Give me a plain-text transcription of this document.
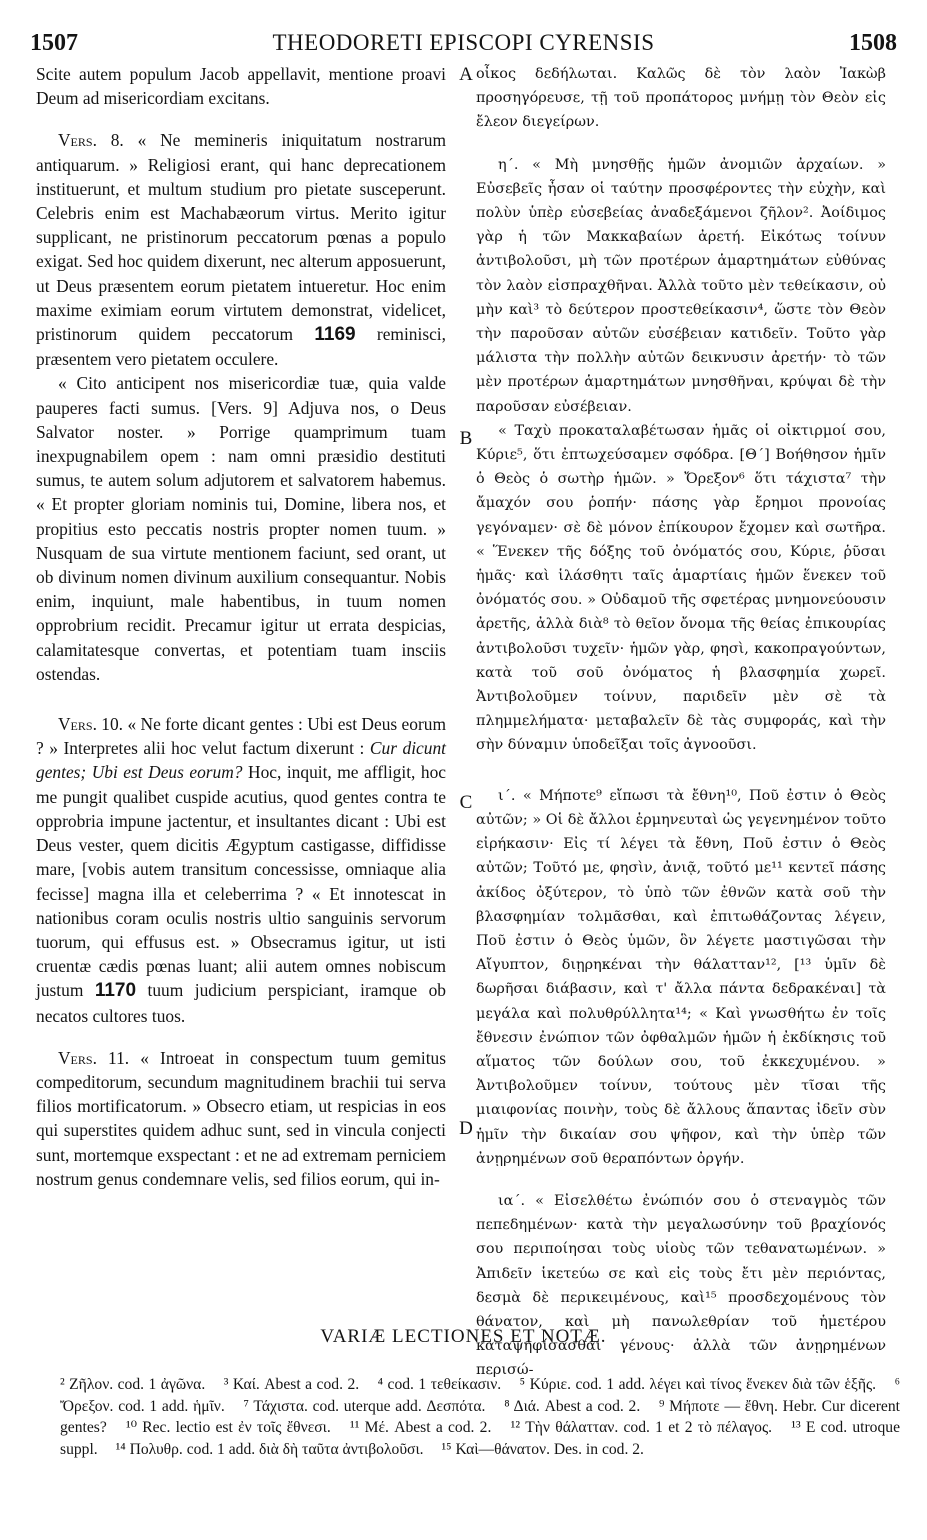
1507	THEODORETI EPISCOPI CYRENSIS	1508

Scite autem populum Jacob appellavit, mentione proavi Deum ad misericordiam excitans.

Vers. 8. « Ne memineris iniquitatum nostrarum antiquarum. » Religiosi erant, qui hanc deprecationem instituerunt, et multum studium pro pietate susceperunt. Celebris enim est Machabæorum virtus. Merito igitur supplicant, ne pristinorum peccatorum pœnas a populo exigat. Sed hoc quidem dixerunt, nec alterum apposuerunt, ut Deus præsentem eorum pietatem intueretur. Hoc enim maxime eximiam eorum virtutem demonstrat, videlicet, pristinorum quidem peccatorum 1169 reminisci, præsentem vero pietatem occulere.

« Cito anticipent nos misericordiæ tuæ, quia valde pauperes facti sumus. [Vers. 9] Adjuva nos, o Deus Salvator noster. » Porrige quamprimum tuam inexpugnabilem opem : nam omni præsidio destituti sumus, te autem solum adjutorem et salvatorem habemus. « Et propter gloriam nominis tui, Domine, libera nos, et propitius esto peccatis nostris propter nomen tuum. » Nusquam de sua virtute mentionem faciunt, sed orant, ut ob divinum nomen divinum auxilium consequantur. Nobis enim, inquiunt, male habentibus, in tuum nomen opprobrium recidit. Precamur igitur ut errata despicias, calamitatesque convertas, et potentiam tuam insciis ostendas.

Vers. 10. « Ne forte dicant gentes : Ubi est Deus eorum ? » Interpretes alii hoc velut factum dixerunt : Cur dicunt gentes; Ubi est Deus eorum? Hoc, inquit, me affligit, hoc me pungit qualibet cuspide acutius, quod gentes contra te opprobria impune jactentur, et insultantes dicant : Ubi est Deus vester, quem dicitis Ægyptum castigasse, diffidisse mare, [vobis autem transitum concessisse, omniaque alia fecisse] magna illa et celeberrima ? « Et innotescat in nationibus coram oculis nostris ultio sanguinis servorum tuorum, qui effusus est. » Obsecramus igitur, ut isti cruentæ cædis pœnas luant; alii autem omnes nobiscum justum 1170 tuum judicium perspiciant, iramque ob necatos cultores tuos.

Vers. 11. « Introeat in conspectum tuum gemitus compeditorum, secundum magnitudinem brachii tui serva filios mortificatorum. » Obsecro etiam, ut respicias in eos qui superstites quidem adhuc sunt, sed in vincula conjecti sunt, mortemque exspectant : et ne ad extremam perniciem nostrum genus condemnare velis, sed filios eorum, qui in-

A
B
C
D

οἶκος δεδήλωται. Καλῶς δὲ τὸν λαὸν Ἰακὼβ προσηγόρευσε, τῇ τοῦ προπάτορος μνήμῃ τὸν Θεὸν εἰς ἔλεον διεγείρων.

η΄. « Μὴ μνησθῇς ἡμῶν ἀνομιῶν ἀρχαίων. » Εὐσεβεῖς ἦσαν οἱ ταύτην προσφέροντες τὴν εὐχὴν, καὶ πολὺν ὑπὲρ εὐσεβείας ἀναδεξάμενοι ζῆλον². Ἀοίδιμος γὰρ ἡ τῶν Μακκαβαίων ἀρετή. Εἰκότως τοίνυν ἀντιβολοῦσι, μὴ τῶν προτέρων ἁμαρτημάτων εὐθύνας τὸν λαὸν εἰσπραχθῆναι. Ἀλλὰ τοῦτο μὲν τεθείκασιν, οὐ μὴν καὶ³ τὸ δεύτερον προστεθείκασιν⁴, ὥστε τὸν Θεὸν τὴν παροῦσαν αὐτῶν εὐσέβειαν κατιδεῖν. Τοῦτο γὰρ μάλιστα τὴν πολλὴν αὐτῶν δεικνυσιν ἀρετήν· τὸ τῶν μὲν προτέρων ἁμαρτημάτων μνησθῆναι, κρύψαι δὲ τὴν παροῦσαν εὐσέβειαν.

« Ταχὺ προκαταλαβέτωσαν ἡμᾶς οἱ οἰκτιρμοί σου, Κύριε⁵, ὅτι ἐπτωχεύσαμεν σφόδρα. [Θ΄] Βοήθησον ἡμῖν ὁ Θεὸς ὁ σωτὴρ ἡμῶν. » Ὄρεξον⁶ ὅτι τάχιστα⁷ τὴν ἄμαχόν σου ῥοπήν· πάσης γὰρ ἔρημοι προνοίας γεγόναμεν· σὲ δὲ μόνον ἐπίκουρον ἔχομεν καὶ σωτῆρα. « Ἕνεκεν τῆς δόξης τοῦ ὀνόματός σου, Κύριε, ῥῦσαι ἡμᾶς· καὶ ἱλάσθητι ταῖς ἁμαρτίαις ἡμῶν ἕνεκεν τοῦ ὀνόματός σου. » Οὐδαμοῦ τῆς σφετέρας μνημονεύουσιν ἀρετῆς, ἀλλὰ διὰ⁸ τὸ θεῖον ὄνομα τῆς θείας ἐπικουρίας ἀντιβολοῦσι τυχεῖν· ἡμῶν γὰρ, φησὶ, κακοπραγούντων, κατὰ τοῦ σοῦ ὀνόματος ἡ βλασφημία χωρεῖ. Ἀντιβολοῦμεν τοίνυν, παριδεῖν μὲν σὲ τὰ πλημμελήματα· μεταβαλεῖν δὲ τὰς συμφοράς, καὶ τὴν σὴν δύναμιν ὑποδεῖξαι τοῖς ἀγνοοῦσι.

ι΄. « Μήποτε⁹ εἴπωσι τὰ ἔθνη¹⁰, Ποῦ ἐστιν ὁ Θεὸς αὐτῶν; » Οἱ δὲ ἄλλοι ἑρμηνευταὶ ὡς γεγενημένον τοῦτο εἰρήκασιν· Εἰς τί λέγει τὰ ἔθνη, Ποῦ ἐστιν ὁ Θεὸς αὐτῶν; Τοῦτό με, φησὶν, ἀνιᾷ, τοῦτό με¹¹ κεντεῖ πάσης ἀκίδος ὀξύτερον, τὸ ὑπὸ τῶν ἐθνῶν κατὰ σοῦ τὴν βλασφημίαν τολμᾶσθαι, καὶ ἐπιτωθάζοντας λέγειν, Ποῦ ἐστιν ὁ Θεὸς ὑμῶν, ὃν λέγετε μαστιγῶσαι τὴν Αἴγυπτον, διῃρηκέναι τὴν θάλατταν¹², [¹³ ὑμῖν δὲ δωρῆσαι διάβασιν, καὶ τ' ἄλλα πάντα δεδρακέναι] τὰ μεγάλα καὶ πολυθρύλλητα¹⁴; « Καὶ γνωσθήτω ἐν τοῖς ἔθνεσιν ἐνώπιον τῶν ὀφθαλμῶν ἡμῶν ἡ ἐκδίκησις τοῦ αἵματος τῶν δούλων σου, τοῦ ἐκκεχυμένου. » Ἀντιβολοῦμεν τοίνυν, τούτους μὲν τῖσαι τῆς μιαιφονίας ποινὴν, τοὺς δὲ ἄλλους ἅπαντας ἰδεῖν σὺν ἡμῖν τὴν δικαίαν σου ψῆφον, καὶ τὴν ὑπὲρ τῶν ἀνῃρημένων σοῦ θεραπόντων ὀργήν.

ια΄. « Εἰσελθέτω ἐνώπιόν σου ὁ στεναγμὸς τῶν πεπεδημένων· κατὰ τὴν μεγαλωσύνην τοῦ βραχίονός σου περιποίησαι τοὺς υἱοὺς τῶν τεθανατωμένων. » Ἀπιδεῖν ἱκετεύω σε καὶ εἰς τοὺς ἔτι μὲν περιόντας, δεσμὰ δὲ περικειμένους, καὶ¹⁵ προσδεχομένους τὸν θάνατον, καὶ μὴ πανωλεθρίαν τοῦ ἡμετέρου καταψηφίσασθαι γένους· ἀλλὰ τῶν ἀνῃρημένων περισώ-

VARIÆ LECTIONES ET NOTÆ.
² Ζῆλον. cod. 1 ἀγῶνα. ³ Καί. Abest a cod. 2. ⁴ cod. 1 τεθείκασιν. ⁵ Κύριε. cod. 1 add. λέγει καὶ τίνος ἕνεκεν διὰ τῶν ἑξῆς. ⁶ Ὄρεξον. cod. 1 add. ἡμῖν. ⁷ Τάχιστα. cod. uterque add. Δεσπότα. ⁸ Διά. Abest a cod. 2. ⁹ Μήποτε — ἔθνη. Hebr. Cur dicerent gentes? ¹⁰ Rec. lectio est ἐν τοῖς ἔθνεσι. ¹¹ Μέ. Abest a cod. 2. ¹² Τὴν θάλατταν. cod. 1 et 2 τὸ πέλαγος. ¹³ E cod. utroque suppl. ¹⁴ Πολυθρ. cod. 1 add. διὰ δὴ ταῦτα ἀντιβολοῦσι. ¹⁵ Καὶ—θάνατον. Des. in cod. 2.
